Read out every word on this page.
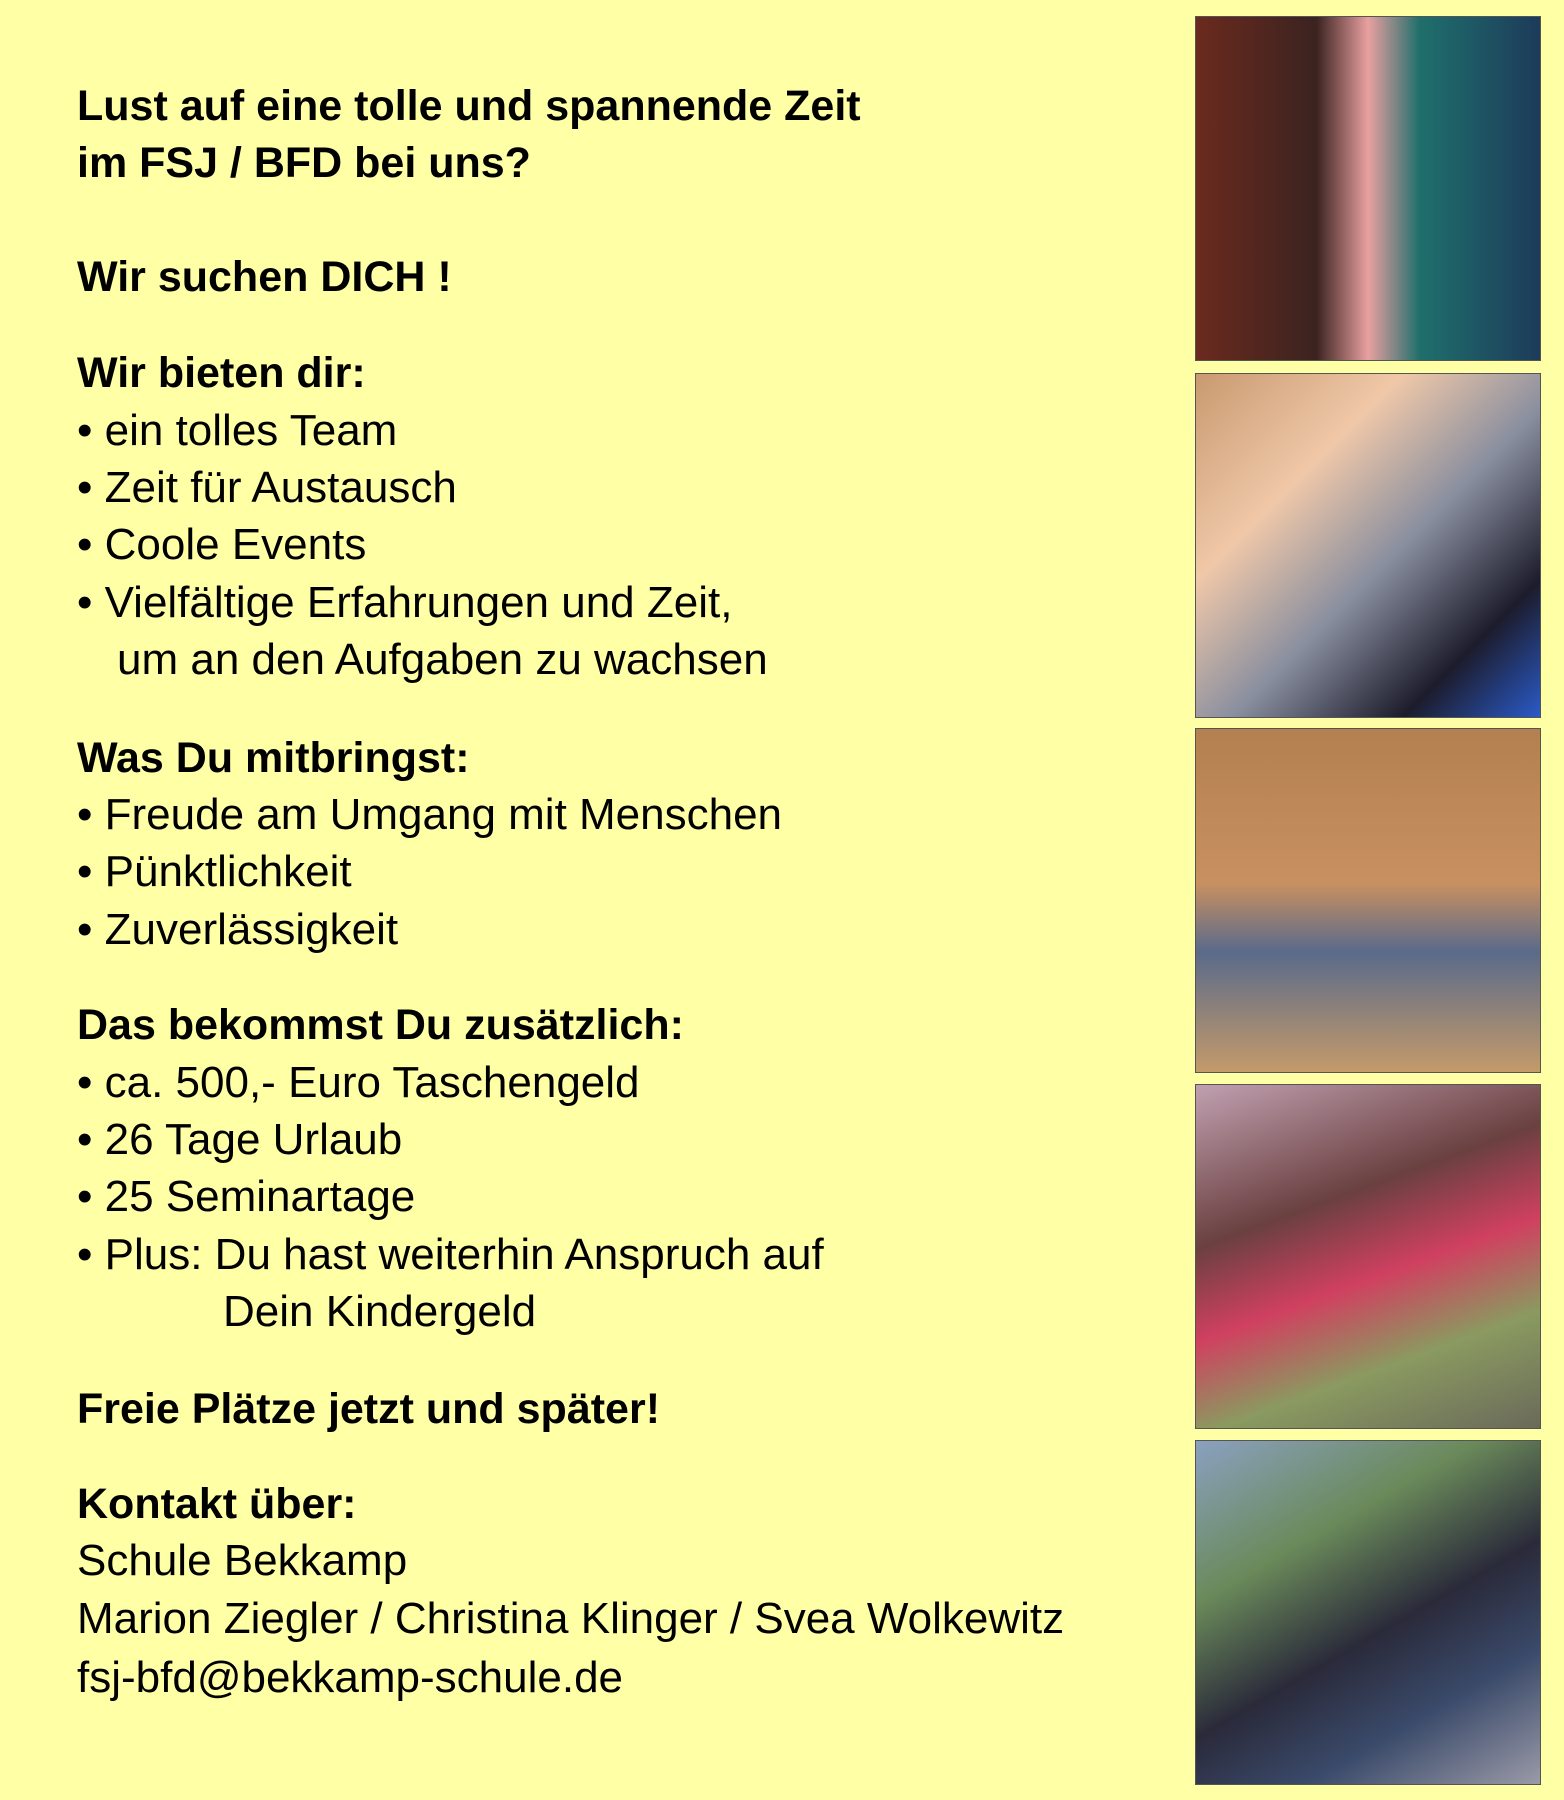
Lust auf eine tolle und spannende Zeit
im FSJ / BFD bei uns?
Wir suchen DICH !
Wir bieten dir:
• ein tolles Team
• Zeit für Austausch
• Coole Events
• Vielfältige Erfahrungen und Zeit,
um an den Aufgaben zu wachsen
Was Du mitbringst:
• Freude am Umgang mit Menschen
• Pünktlichkeit
• Zuverlässigkeit
Das bekommst Du zusätzlich:
• ca. 500,- Euro Taschengeld
• 26 Tage Urlaub
• 25 Seminartage
• Plus: Du hast weiterhin Anspruch auf
Dein Kindergeld
Freie Plätze jetzt und später!
Kontakt über:
Schule Bekkamp
Marion Ziegler / Christina Klinger / Svea Wolkewitz
fsj-bfd@bekkamp-schule.de
